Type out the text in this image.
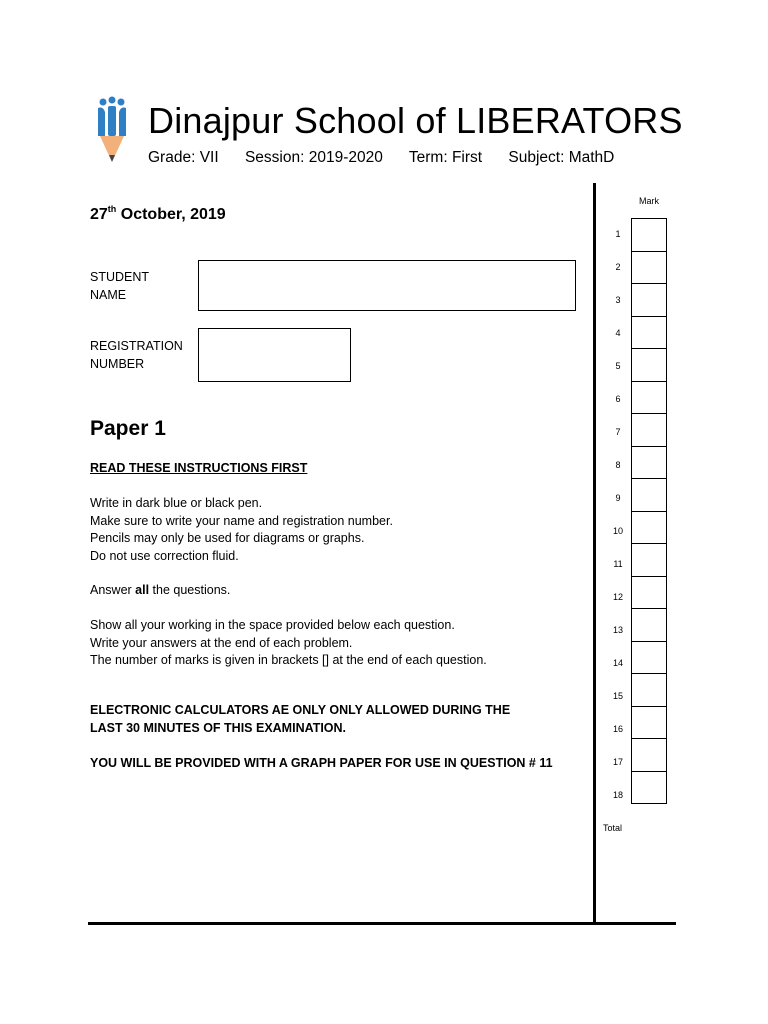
Dinajpur School of LIBERATORS
Grade: VII Session: 2019-2020 Term: First Subject: MathD
27th October, 2019
STUDENT
NAME
REGISTRATION
NUMBER
Paper 1
READ THESE INSTRUCTIONS FIRST
Write in dark blue or black pen.
Make sure to write your name and registration number.
Pencils may only be used for diagrams or graphs.
Do not use correction fluid.
Answer all the questions.
Show all your working in the space provided below each question.
Write your answers at the end of each problem.
The number of marks is given in brackets [] at the end of each question.
ELECTRONIC CALCULATORS AE ONLY ONLY ALLOWED DURING THE
LAST 30 MINUTES OF THIS EXAMINATION.
YOU WILL BE PROVIDED WITH A GRAPH PAPER FOR USE IN QUESTION # 11
Mark
1
2
3
4
5
6
7
8
9
10
11
12
13
14
15
16
17
18

Total
